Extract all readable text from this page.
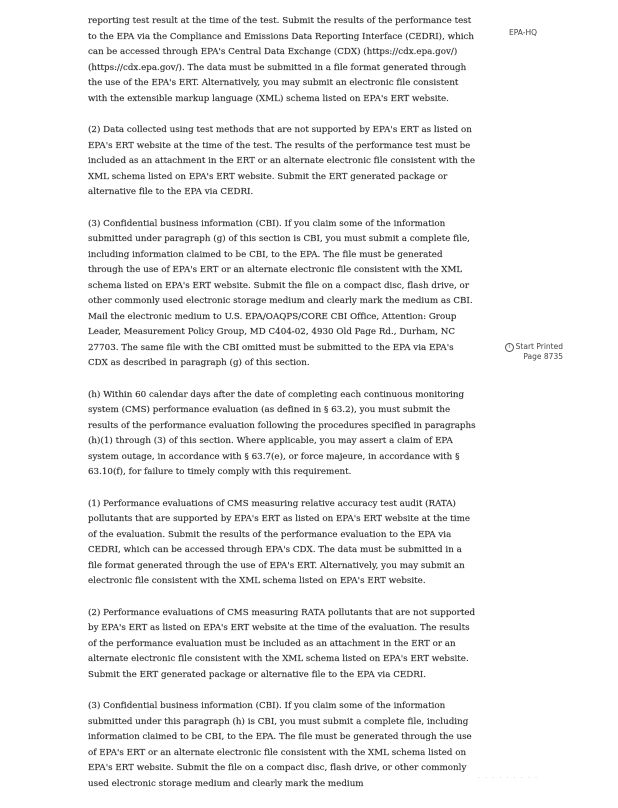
EPA-HQ

reporting test result at the time of the test. Submit the results of the performance test to the EPA via the Compliance and Emissions Data Reporting Interface (CEDRI), which can be accessed through EPA's Central Data Exchange (CDX) (https://cdx.epa.gov/) (https://cdx.epa.gov/). The data must be submitted in a file format generated through the use of the EPA's ERT. Alternatively, you may submit an electronic file consistent with the extensible markup language (XML) schema listed on EPA's ERT website.

(2) Data collected using test methods that are not supported by EPA's ERT as listed on EPA's ERT website at the time of the test. The results of the performance test must be included as an attachment in the ERT or an alternate electronic file consistent with the XML schema listed on EPA's ERT website. Submit the ERT generated package or alternative file to the EPA via CEDRI.

(3) Confidential business information (CBI). If you claim some of the information submitted under paragraph (g) of this section is CBI, you must submit a complete file, including information claimed to be CBI, to the EPA. The file must be generated through the use of EPA's ERT or an alternate electronic file consistent with the XML schema listed on EPA's ERT website. Submit the file on a compact disc, flash drive, or other commonly used electronic storage medium and clearly mark the medium as CBI. Mail the electronic medium to U.S. EPA/OAQPS/CORE CBI Office, Attention: Group Leader, Measurement Policy Group, MD C404-02, 4930 Old Page Rd., Durham, NC 27703. The same file with the CBI omitted must be submitted to the EPA via EPA's CDX as described in paragraph (g) of this section.

(h) Within 60 calendar days after the date of completing each continuous monitoring system (CMS) performance evaluation (as defined in § 63.2), you must submit the results of the performance evaluation following the procedures specified in paragraphs (h)(1) through (3) of this section. Where applicable, you may assert a claim of EPA system outage, in accordance with § 63.7(e), or force majeure, in accordance with § 63.10(f), for failure to timely comply with this requirement.

(1) Performance evaluations of CMS measuring relative accuracy test audit (RATA) pollutants that are supported by EPA's ERT as listed on EPA's ERT website at the time of the evaluation. Submit the results of the performance evaluation to the EPA via CEDRI, which can be accessed through EPA's CDX. The data must be submitted in a file format generated through the use of EPA's ERT. Alternatively, you may submit an electronic file consistent with the XML schema listed on EPA's ERT website.

(2) Performance evaluations of CMS measuring RATA pollutants that are not supported by EPA's ERT as listed on EPA's ERT website at the time of the evaluation. The results of the performance evaluation must be included as an attachment in the ERT or an alternate electronic file consistent with the XML schema listed on EPA's ERT website. Submit the ERT generated package or alternative file to the EPA via CEDRI.

(3) Confidential business information (CBI). If you claim some of the information submitted under this paragraph (h) is CBI, you must submit a complete file, including information claimed to be CBI, to the EPA. The file must be generated through the use of EPA's ERT or an alternate electronic file consistent with the XML schema listed on EPA's ERT website. Submit the file on a compact disc, flash drive, or other commonly used electronic storage medium and clearly mark the medium

i Start Printed
Page 8735
· · · · · · · · ·
